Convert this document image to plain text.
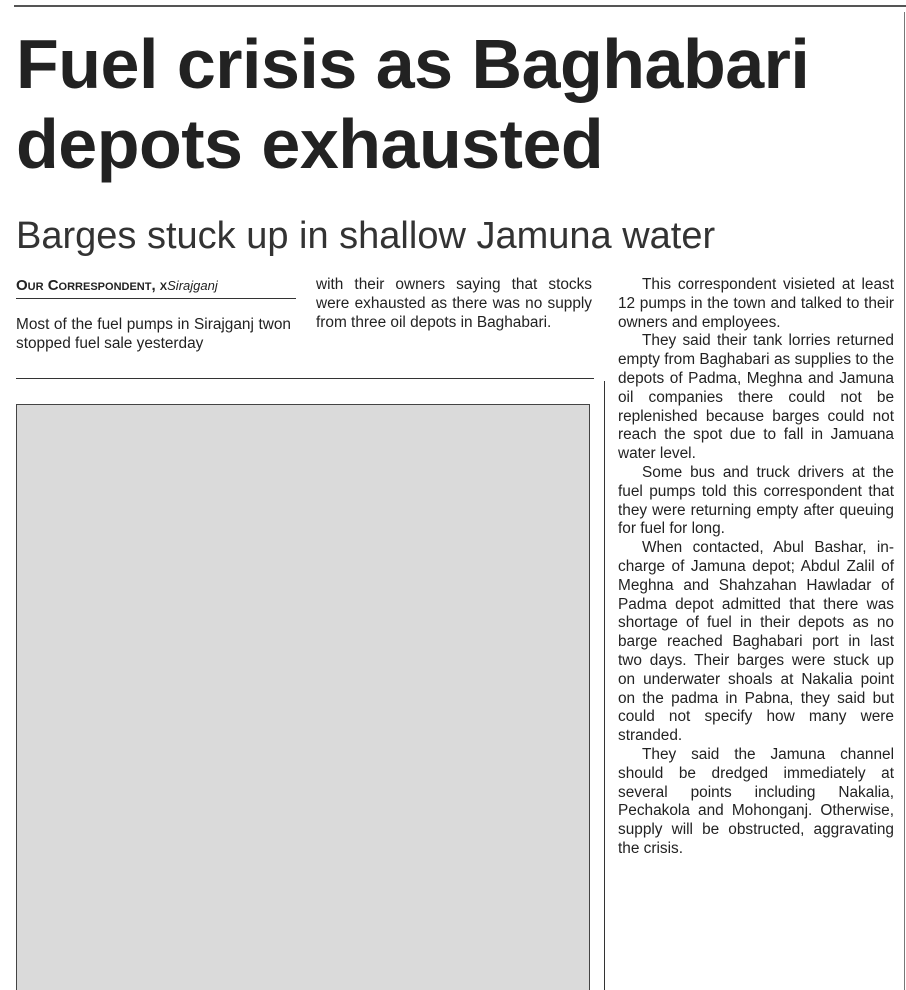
Fuel crisis as Baghabari
depots exhausted
Barges stuck up in shallow Jamuna water
Our Correspondent, xSirajganj

Most of the fuel pumps in Sirajganj twon stopped fuel sale yesterday

with their owners saying that stocks were exhausted as there was no supply from three oil depots in Baghabari.

This correspondent visieted at least 12 pumps in the town and talked to their owners and employees.

They said their tank lorries returned empty from Baghabari as supplies to the depots of Padma, Meghna and Jamuna oil companies there could not be replenished because barges could not reach the spot due to fall in Jamuana water level.

Some bus and truck drivers at the fuel pumps told this correspondent that they were returning empty after queuing for fuel for long.

When contacted, Abul Bashar, in-charge of Jamuna depot; Abdul Zalil of Meghna and Shahzahan Hawladar of Padma depot admitted that there was shortage of fuel in their depots as no barge reached Baghabari port in last two days. Their barges were stuck up on underwater shoals at Nakalia point on the padma in Pabna, they said but could not specify how many were stranded.

They said the Jamuna channel should be dredged immediately at several points including Nakalia, Pechakola and Mohonganj. Otherwise, supply will be obstructed, aggravating the crisis.
